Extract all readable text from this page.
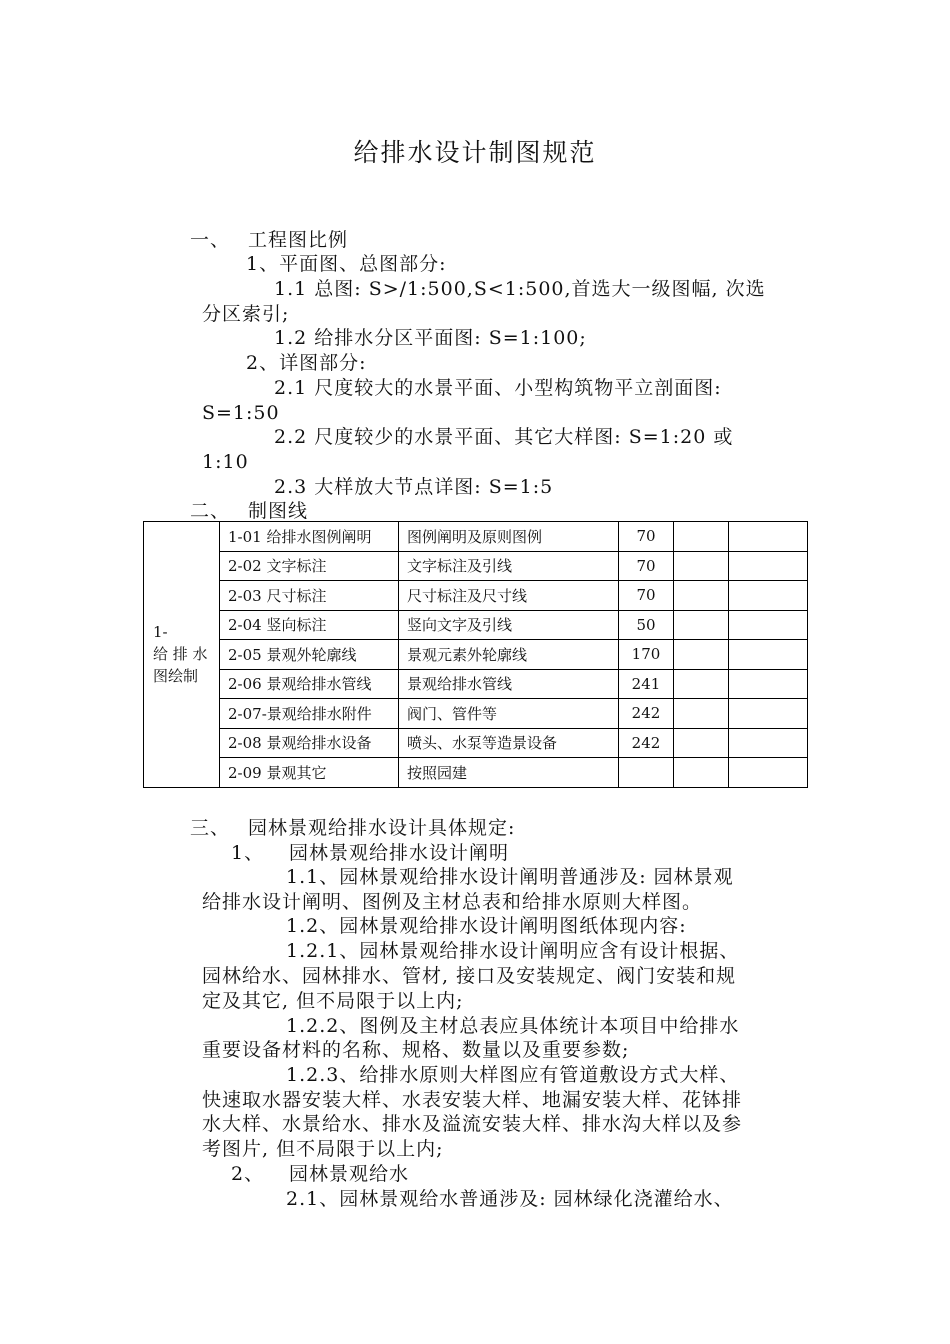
给排水设计制图规范
一、 工程图比例
1、平面图、总图部分:
1.1 总图: S>/1:500,S<1:500,首选大一级图幅, 次选
分区索引;
1.2 给排水分区平面图: S=1:100;
2、详图部分:
2.1 尺度较大的水景平面、小型构筑物平立剖面图:
S=1:50
2.2 尺度较少的水景平面、其它大样图: S=1:20 或
1:10
2.3 大样放大节点详图: S=1:5
二、 制图线
1-
给 排 水
图绘制	1-01 给排水图例阐明	图例阐明及原则图例	70		
	2-02 文字标注	文字标注及引线	70		
	2-03 尺寸标注	尺寸标注及尺寸线	70		
	2-04 竖向标注	竖向文字及引线	50		
	2-05 景观外轮廓线	景观元素外轮廓线	170		
	2-06 景观给排水管线	景观给排水管线	241		
	2-07-景观给排水附件	阀门、管件等	242		
	2-08 景观给排水设备	喷头、水泵等造景设备	242		
	2-09 景观其它	按照园建			
三、 园林景观给排水设计具体规定:
1、 园林景观给排水设计阐明
1.1、园林景观给排水设计阐明普通涉及: 园林景观
给排水设计阐明、图例及主材总表和给排水原则大样图。
1.2、园林景观给排水设计阐明图纸体现内容:
1.2.1、园林景观给排水设计阐明应含有设计根据、
园林给水、园林排水、管材, 接口及安装规定、阀门安装和规
定及其它, 但不局限于以上内;
1.2.2、图例及主材总表应具体统计本项目中给排水
重要设备材料的名称、规格、数量以及重要参数;
1.2.3、给排水原则大样图应有管道敷设方式大样、
快速取水器安装大样、水表安装大样、地漏安装大样、花钵排
水大样、水景给水、排水及溢流安装大样、排水沟大样以及参
考图片, 但不局限于以上内;
2、 园林景观给水
2.1、园林景观给水普通涉及: 园林绿化浇灌给水、
